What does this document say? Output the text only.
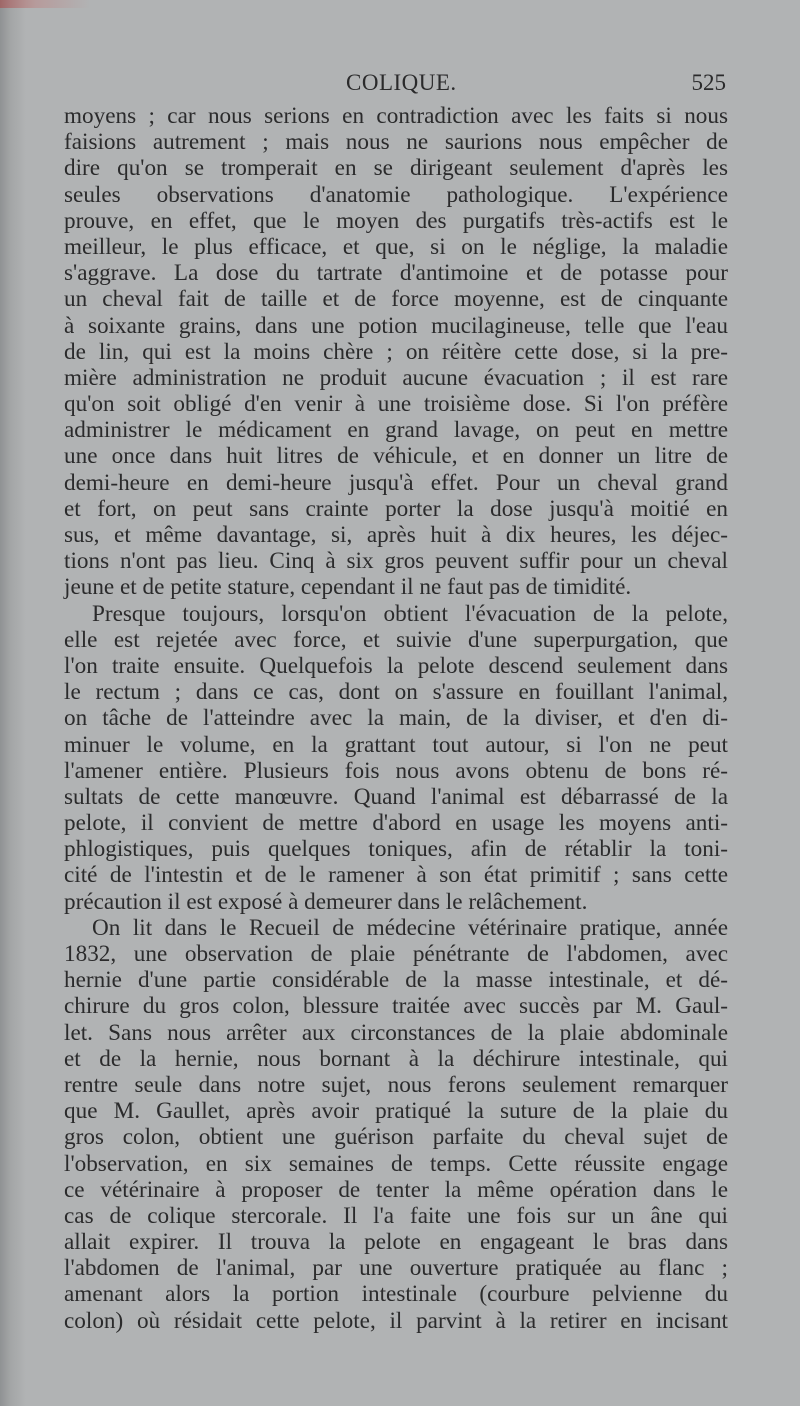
COLIQUE.	525
moyens ; car nous serions en contradiction avec les faits si nous
faisions autrement ; mais nous ne saurions nous empêcher de
dire qu'on se tromperait en se dirigeant seulement d'après les
seules observations d'anatomie pathologique. L'expérience
prouve, en effet, que le moyen des purgatifs très-actifs est le
meilleur, le plus efficace, et que, si on le néglige, la maladie
s'aggrave. La dose du tartrate d'antimoine et de potasse pour
un cheval fait de taille et de force moyenne, est de cinquante
à soixante grains, dans une potion mucilagineuse, telle que l'eau
de lin, qui est la moins chère ; on réitère cette dose, si la pre-
mière administration ne produit aucune évacuation ; il est rare
qu'on soit obligé d'en venir à une troisième dose. Si l'on préfère
administrer le médicament en grand lavage, on peut en mettre
une once dans huit litres de véhicule, et en donner un litre de
demi-heure en demi-heure jusqu'à effet. Pour un cheval grand
et fort, on peut sans crainte porter la dose jusqu'à moitié en
sus, et même davantage, si, après huit à dix heures, les déjec-
tions n'ont pas lieu. Cinq à six gros peuvent suffir pour un cheval
jeune et de petite stature, cependant il ne faut pas de timidité.
Presque toujours, lorsqu'on obtient l'évacuation de la pelote,
elle est rejetée avec force, et suivie d'une superpurgation, que
l'on traite ensuite. Quelquefois la pelote descend seulement dans
le rectum ; dans ce cas, dont on s'assure en fouillant l'animal,
on tâche de l'atteindre avec la main, de la diviser, et d'en di-
minuer le volume, en la grattant tout autour, si l'on ne peut
l'amener entière. Plusieurs fois nous avons obtenu de bons ré-
sultats de cette manœuvre. Quand l'animal est débarrassé de la
pelote, il convient de mettre d'abord en usage les moyens anti-
phlogistiques, puis quelques toniques, afin de rétablir la toni-
cité de l'intestin et de le ramener à son état primitif ; sans cette
précaution il est exposé à demeurer dans le relâchement.
On lit dans le Recueil de médecine vétérinaire pratique, année
1832, une observation de plaie pénétrante de l'abdomen, avec
hernie d'une partie considérable de la masse intestinale, et dé-
chirure du gros colon, blessure traitée avec succès par M. Gaul-
let. Sans nous arrêter aux circonstances de la plaie abdominale
et de la hernie, nous bornant à la déchirure intestinale, qui
rentre seule dans notre sujet, nous ferons seulement remarquer
que M. Gaullet, après avoir pratiqué la suture de la plaie du
gros colon, obtient une guérison parfaite du cheval sujet de
l'observation, en six semaines de temps. Cette réussite engage
ce vétérinaire à proposer de tenter la même opération dans le
cas de colique stercorale. Il l'a faite une fois sur un âne qui
allait expirer. Il trouva la pelote en engageant le bras dans
l'abdomen de l'animal, par une ouverture pratiquée au flanc ;
amenant alors la portion intestinale (courbure pelvienne du
colon) où résidait cette pelote, il parvint à la retirer en incisant
